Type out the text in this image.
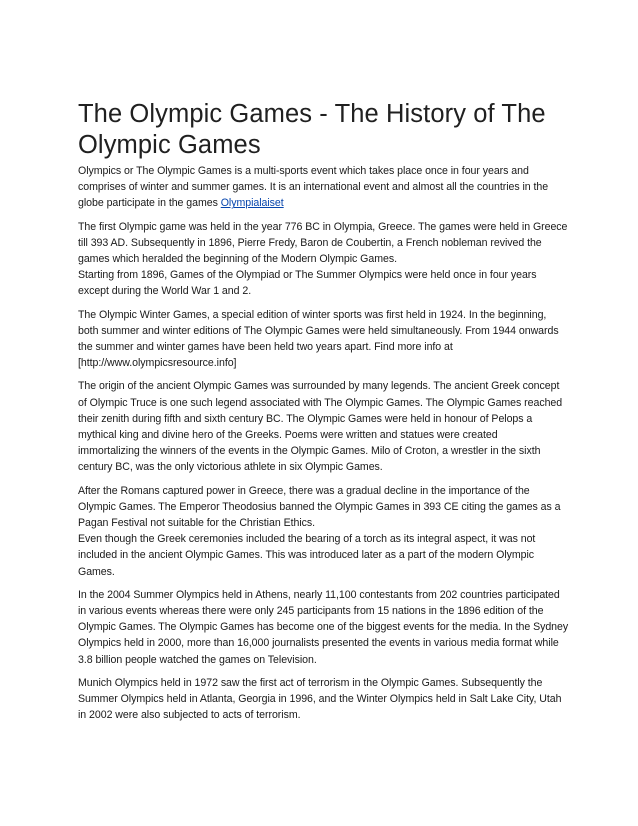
The Olympic Games - The History of The Olympic Games

Olympics or The Olympic Games is a multi-sports event which takes place once in four years and
comprises of winter and summer games. It is an international event and almost all the countries in the
globe participate in the games Olympialaiset

The first Olympic game was held in the year 776 BC in Olympia, Greece. The games were held in Greece
till 393 AD. Subsequently in 1896, Pierre Fredy, Baron de Coubertin, a French nobleman revived the
games which heralded the beginning of the Modern Olympic Games.
Starting from 1896, Games of the Olympiad or The Summer Olympics were held once in four years
except during the World War 1 and 2.

The Olympic Winter Games, a special edition of winter sports was first held in 1924. In the beginning,
both summer and winter editions of The Olympic Games were held simultaneously. From 1944 onwards
the summer and winter games have been held two years apart. Find more info at
[http://www.olympicsresource.info]

The origin of the ancient Olympic Games was surrounded by many legends. The ancient Greek concept
of Olympic Truce is one such legend associated with The Olympic Games. The Olympic Games reached
their zenith during fifth and sixth century BC. The Olympic Games were held in honour of Pelops a
mythical king and divine hero of the Greeks. Poems were written and statues were created
immortalizing the winners of the events in the Olympic Games. Milo of Croton, a wrestler in the sixth
century BC, was the only victorious athlete in six Olympic Games.

After the Romans captured power in Greece, there was a gradual decline in the importance of the
Olympic Games. The Emperor Theodosius banned the Olympic Games in 393 CE citing the games as a
Pagan Festival not suitable for the Christian Ethics.
Even though the Greek ceremonies included the bearing of a torch as its integral aspect, it was not
included in the ancient Olympic Games. This was introduced later as a part of the modern Olympic
Games.

In the 2004 Summer Olympics held in Athens, nearly 11,100 contestants from 202 countries participated
in various events whereas there were only 245 participants from 15 nations in the 1896 edition of the
Olympic Games. The Olympic Games has become one of the biggest events for the media. In the Sydney
Olympics held in 2000, more than 16,000 journalists presented the events in various media format while
3.8 billion people watched the games on Television.

Munich Olympics held in 1972 saw the first act of terrorism in the Olympic Games. Subsequently the
Summer Olympics held in Atlanta, Georgia in 1996, and the Winter Olympics held in Salt Lake City, Utah
in 2002 were also subjected to acts of terrorism.
